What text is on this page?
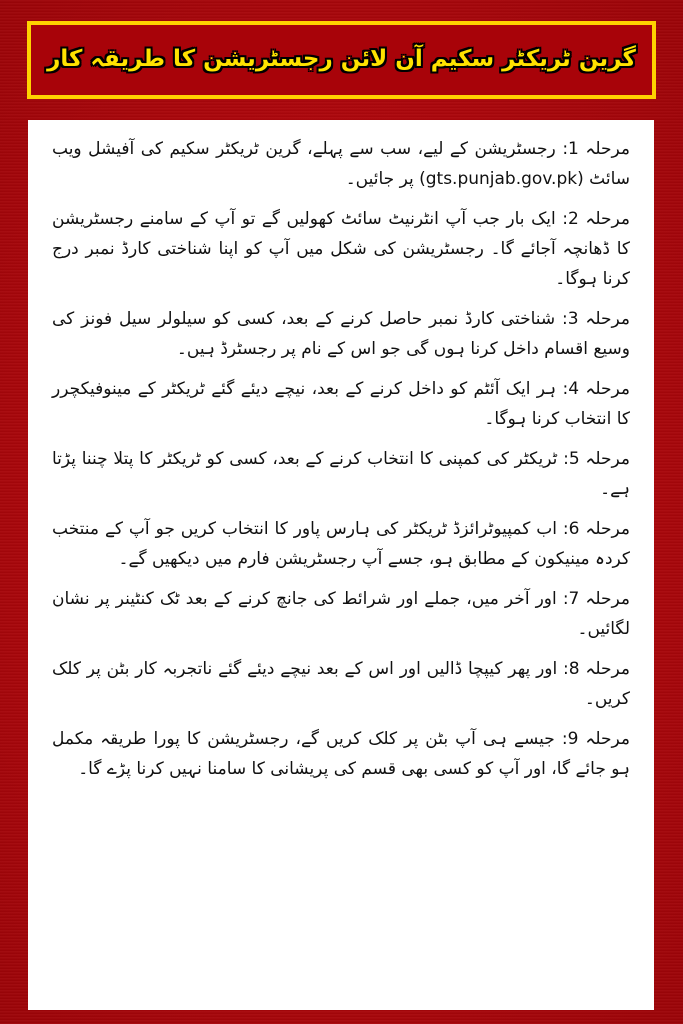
گرین ٹریکٹر سکیم آن لائن رجسٹریشن کا طریقہ کار

مرحلہ 1: رجسٹریشن کے لیے، سب سے پہلے، گرین ٹریکٹر سکیم کی آفیشل ویب سائٹ (gts.punjab.gov.pk) پر جائیں۔

مرحلہ 2: ایک بار جب آپ انٹرنیٹ سائٹ کھولیں گے تو آپ کے سامنے رجسٹریشن کا ڈھانچہ آجائے گا۔ رجسٹریشن کی شکل میں آپ کو اپنا شناختی کارڈ نمبر درج کرنا ہوگا۔

مرحلہ 3: شناختی کارڈ نمبر حاصل کرنے کے بعد، کسی کو سیلولر سیل فونز کی وسیع اقسام داخل کرنا ہوں گی جو اس کے نام پر رجسٹرڈ ہیں۔

مرحلہ 4: ہر ایک آئٹم کو داخل کرنے کے بعد، نیچے دیئے گئے ٹریکٹر کے مینوفیکچرر کا انتخاب کرنا ہوگا۔

مرحلہ 5: ٹریکٹر کی کمپنی کا انتخاب کرنے کے بعد، کسی کو ٹریکٹر کا پتلا چننا پڑتا ہے۔

مرحلہ 6: اب کمپیوٹرائزڈ ٹریکٹر کی ہارس پاور کا انتخاب کریں جو آپ کے منتخب کردہ مینیکون کے مطابق ہو، جسے آپ رجسٹریشن فارم میں دیکھیں گے۔

مرحلہ 7: اور آخر میں، جملے اور شرائط کی جانچ کرنے کے بعد ٹک کنٹینر پر نشان لگائیں۔

مرحلہ 8: اور پھر کیپچا ڈالیں اور اس کے بعد نیچے دیئے گئے ناتجربہ کار بٹن پر کلک کریں۔

مرحلہ 9: جیسے ہی آپ بٹن پر کلک کریں گے، رجسٹریشن کا پورا طریقہ مکمل ہو جائے گا، اور آپ کو کسی بھی قسم کی پریشانی کا سامنا نہیں کرنا پڑے گا۔
